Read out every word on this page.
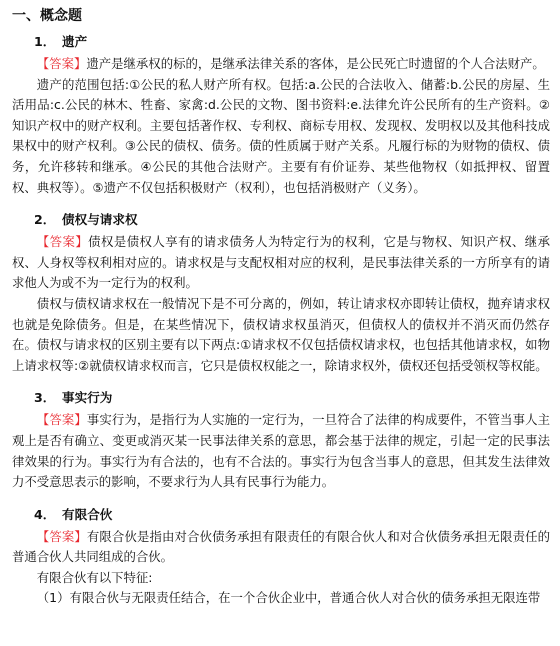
一、概念题
1． 遗产

【答案】遗产是继承权的标的，是继承法律关系的客体，是公民死亡时遗留的个人合法财产。

遗产的范围包括:①公民的私人财产所有权。包括:a.公民的合法收入、储蓄:b.公民的房屋、生活用品:c.公民的林木、牲畜、家禽:d.公民的文物、图书资料:e.法律允许公民所有的生产资料。②知识产权中的财产权利。主要包括著作权、专利权、商标专用权、发现权、发明权以及其他科技成果权中的财产权利。③公民的债权、债务。债的性质属于财产关系。凡履行标的为财物的债权、债务，允许移转和继承。④公民的其他合法财产。主要有有价证券、某些他物权（如抵押权、留置权、典权等）。⑤遗产不仅包括积极财产（权利），也包括消极财产（义务）。

2． 债权与请求权

【答案】债权是债权人享有的请求债务人为特定行为的权利，它是与物权、知识产权、继承权、人身权等权利相对应的。请求权是与支配权相对应的权利，是民事法律关系的一方所享有的请求他人为或不为一定行为的权利。

债权与债权请求权在一般情况下是不可分离的，例如，转让请求权亦即转让债权，抛弃请求权也就是免除债务。但是，在某些情况下，债权请求权虽消灭，但债权人的债权并不消灭而仍然存在。债权与请求权的区别主要有以下两点:①请求权不仅包括债权请求权，也包括其他请求权，如物上请求权等:②就债权请求权而言，它只是债权权能之一，除请求权外，债权还包括受领权等权能。

3． 事实行为

【答案】事实行为，是指行为人实施的一定行为，一旦符合了法律的构成要件，不管当事人主观上是否有确立、变更或消灭某一民事法律关系的意思，都会基于法律的规定，引起一定的民事法律效果的行为。事实行为有合法的，也有不合法的。事实行为包含当事人的意思，但其发生法律效力不受意思表示的影响，不要求行为人具有民事行为能力。

4． 有限合伙

【答案】有限合伙是指由对合伙债务承担有限责任的有限合伙人和对合伙债务承担无限责任的普通合伙人共同组成的合伙。

有限合伙有以下特征:

（1）有限合伙与无限责任结合，在一个合伙企业中，普通合伙人对合伙的债务承担无限连带
